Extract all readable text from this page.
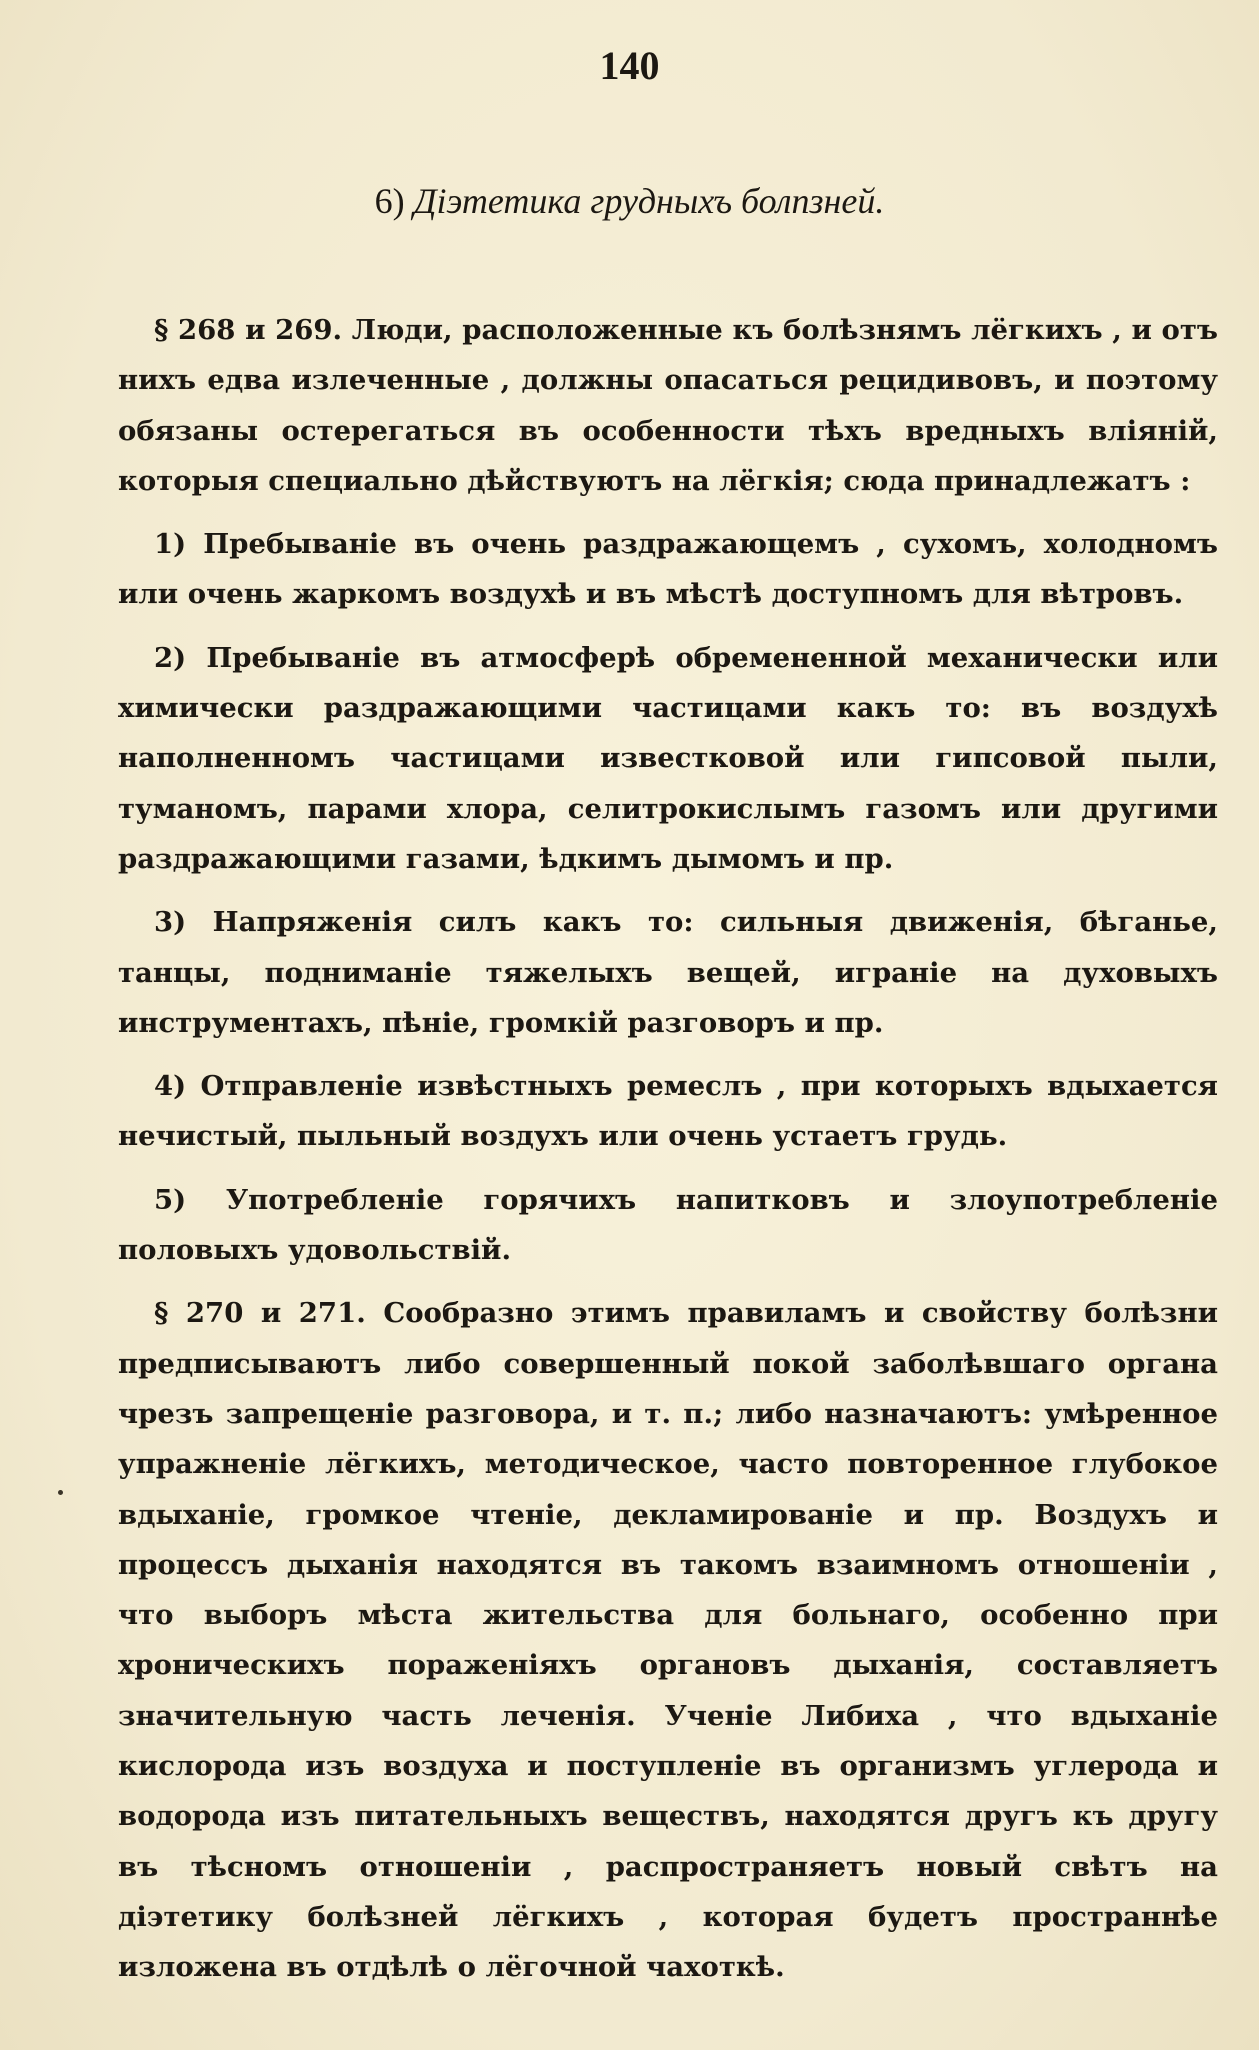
140
6) Діэтетика грудныхъ болпзней.

§ 268 и 269. Люди, расположенные къ болѣзнямъ лёгкихъ , и отъ нихъ едва излеченные , должны опасаться рецидивовъ, и поэтому обязаны остерегаться въ особенности тѣхъ вредныхъ вліяній, которыя специально дѣйствуютъ на лёгкія; сюда принадлежатъ :

1) Пребываніе въ очень раздражающемъ , сухомъ, холодномъ или очень жаркомъ воздухѣ и въ мѣстѣ доступномъ для вѣтровъ.

2) Пребываніе въ атмосферѣ обремененной механически или химически раздражающими частицами какъ то: въ воздухѣ наполненномъ частицами известковой или гипсовой пыли, туманомъ, парами хлора, селитрокислымъ газомъ или другими раздражающими газами, ѣдкимъ дымомъ и пр.

3) Напряженія силъ какъ то: сильныя движенія, бѣганье, танцы, подниманіе тяжелыхъ вещей, играніе на духовыхъ инструментахъ, пѣніе, громкій разговоръ и пр.

4) Отправленіе извѣстныхъ ремеслъ , при которыхъ вдыхается нечистый, пыльный воздухъ или очень устаетъ грудь.

5) Употребленіе горячихъ напитковъ и злоупотребленіе половыхъ удовольствій.

§ 270 и 271. Сообразно этимъ правиламъ и свойству болѣзни предписываютъ либо совершенный покой заболѣвшаго органа чрезъ запрещеніе разговора, и т. п.; либо назначаютъ: умѣренное упражненіе лёгкихъ, методическое, часто повторенное глубокое вдыханіе, громкое чтеніе, декламированіе и пр. Воздухъ и процессъ дыханія находятся въ такомъ взаимномъ отношеніи , что выборъ мѣста жительства для больнаго, особенно при хроническихъ пораженіяхъ органовъ дыханія, составляетъ значительную часть леченія. Ученіе Либиха , что вдыханіе кислорода изъ воздуха и поступленіе въ организмъ углерода и водорода изъ питательныхъ веществъ, находятся другъ къ другу въ тѣсномъ отношеніи , распространяетъ новый свѣтъ на діэтетику болѣзней лёгкихъ , которая будетъ пространнѣе изложена въ отдѣлѣ о лёгочной чахоткѣ.
